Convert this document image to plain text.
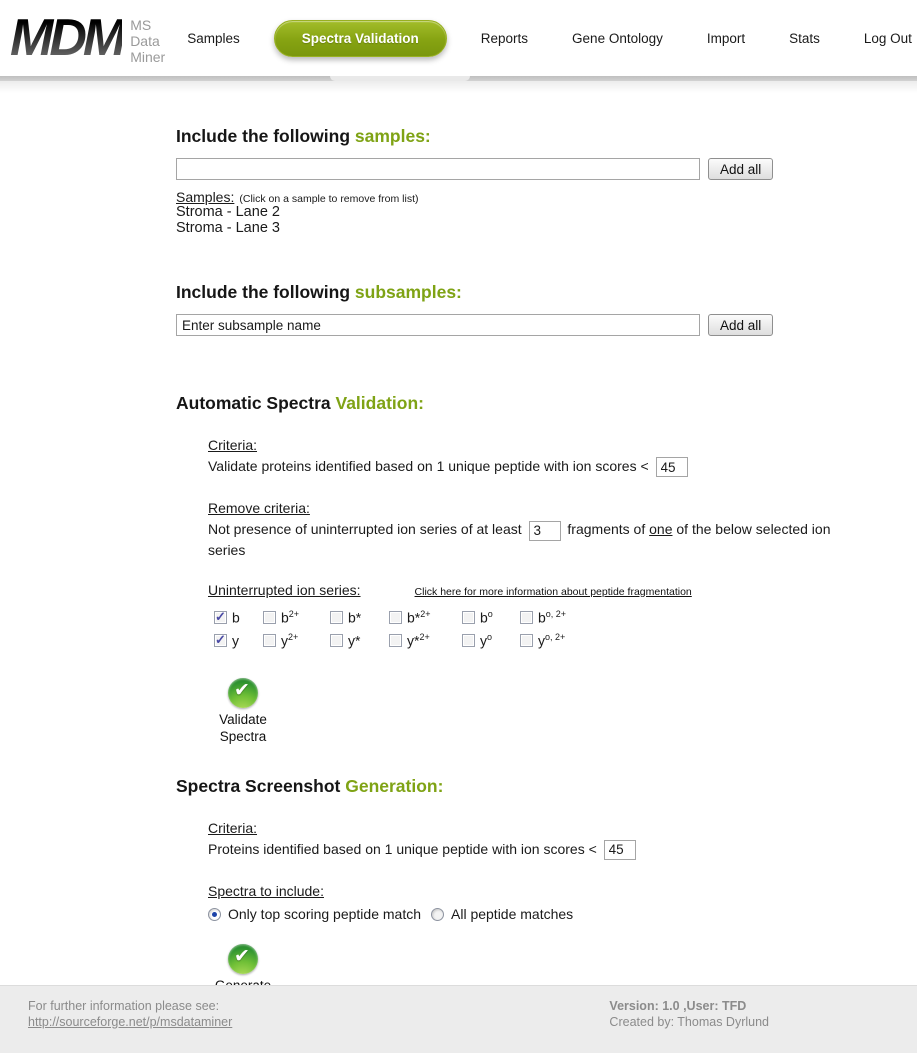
MDM MS Data Miner
Samples	Spectra Validation	Reports	Gene Ontology	Import	Stats	Log Out
Include the following samples:
Add all
Samples: (Click on a sample to remove from list)
Stroma - Lane 2
Stroma - Lane 3
Include the following subsamples:
Enter subsample name
Add all
Automatic Spectra Validation:
Criteria:
Validate proteins identified based on 1 unique peptide with ion scores < 45
Remove criteria:
Not presence of uninterrupted ion series of at least 3	fragments of one of the below selected ion series
Uninterrupted ion series:	Click here for more information about peptide fragmentation
✓
b	$b^{2+}$	b*	b*$^{2+}$	$b^o$	$b^{o, 2+}$
✓
y	$y^{2+}$	y*	y*$^{2+}$	$y^o$	$y^{o, 2+}$
✔
Validate
Spectra
Spectra Screenshot Generation:
Criteria:
Proteins identified based on 1 unique peptide with ion scores < 45
Spectra to include:
Only top scoring peptide match All peptide matches
✔
For further information please see:
http://sourceforge.net/p/msdataminer
Version: 1.0 ,User: TFD
Created by: Thomas Dyrlund
